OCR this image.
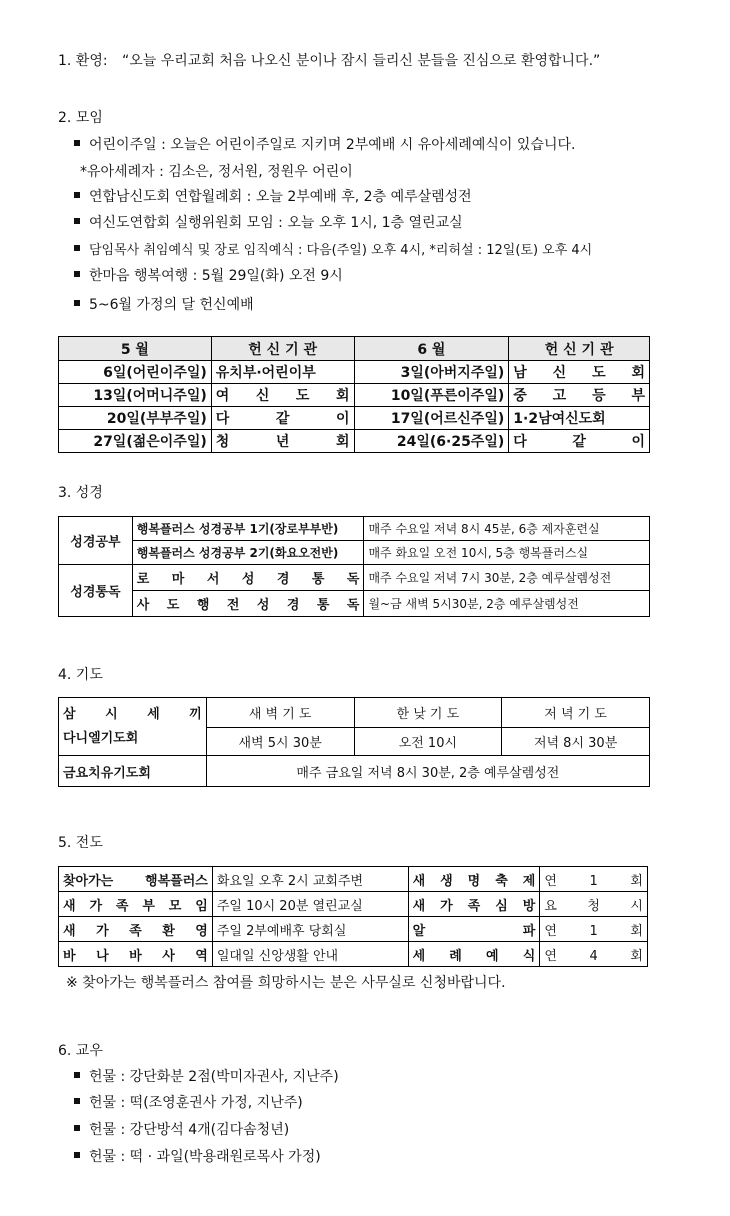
1. 환영: “오늘 우리교회 처음 나오신 분이나 잠시 들리신 분들을 진심으로 환영합니다.”
2. 모임
어린이주일 : 오늘은 어린이주일로 지키며 2부예배 시 유아세례예식이 있습니다.
*유아세례자 : 김소은, 정서원, 정원우 어린이
연합남신도회 연합월례회 : 오늘 2부예배 후, 2층 예루살렘성전
여신도연합회 실행위원회 모임 : 오늘 오후 1시, 1층 열린교실
담임목사 취임예식 및 장로 임직예식 : 다음(주일) 오후 4시, *리허설 : 12일(토) 오후 4시
한마음 행복여행 : 5월 29일(화) 오전 9시
5~6월 가정의 달 헌신예배
5 월	헌 신 기 관	6 월	헌 신 기 관
6일(어린이주일)	유치부·어린이부	3일(아버지주일)	남 신 도 회
13일(어머니주일)	여 신 도 회	10일(푸른이주일)	중 고 등 부
20일(부부주일)	다 같 이	17일(어르신주일)	1·2남여신도회
27일(젊은이주일)	청 년 회	24일(6·25주일)	다 같 이
3. 성경
성경공부	행복플러스 성경공부 1기(장로부부반)	매주 수요일 저녁 8시 45분, 6층 제자훈련실
	행복플러스 성경공부 2기(화요오전반)	매주 화요일 오전 10시, 5층 행복플러스실
성경통독	로 마 서 성 경 통 독	매주 수요일 저녁 7시 30분, 2층 예루살렘성전
	사 도 행 전 성 경 통 독	월~금 새벽 5시30분, 2층 예루살렘성전
4. 기도
삼 시 세 끼
다니엘기도회	새 벽 기 도	한 낮 기 도	저 녁 기 도
	새벽 5시 30분	오전 10시	저녁 8시 30분
금요치유기도회	매주 금요일 저녁 8시 30분, 2층 예루살렘성전		
5. 전도
찾아가는 행복플러스	화요일 오후 2시 교회주변	새 생 명 축 제	연 1 회
새 가 족 부 모 임	주일 10시 20분 열린교실	새 가 족 심 방	요 청 시
새 가 족 환 영	주일 2부예배후 당회실	알 파	연 1 회
바 나 바 사 역	일대일 신앙생활 안내	세 례 예 식	연 4 회
※ 찾아가는 행복플러스 참여를 희망하시는 분은 사무실로 신청바랍니다.
6. 교우
헌물 : 강단화분 2점(박미자권사, 지난주)
헌물 : 떡(조영훈권사 가정, 지난주)
헌물 : 강단방석 4개(김다솜청년)
헌물 : 떡 · 과일(박용래원로목사 가정)
